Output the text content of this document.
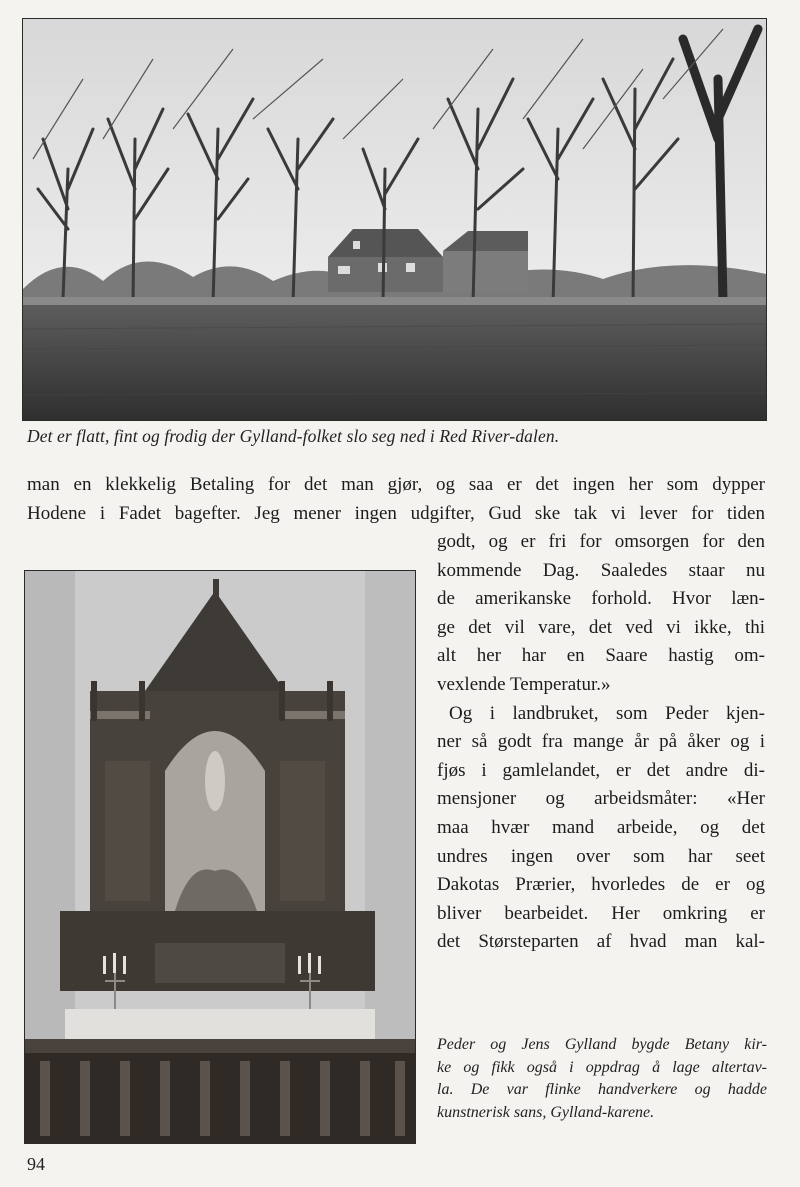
Det er flatt, fint og frodig der Gylland-folket slo seg ned i Red River-dalen.
man en klekkelig Betaling for det man gjør, og saa er det ingen her som dypper
Hodene i Fadet bagefter. Jeg mener ingen udgifter, Gud ske tak vi lever for tiden
godt, og er fri for omsorgen for den
kommende Dag. Saaledes staar nu
de amerikanske forhold. Hvor læn-
ge det vil vare, det ved vi ikke, thi
alt her har en Saare hastig om-
vexlende Temperatur.»
Og i landbruket, som Peder kjen-
ner så godt fra mange år på åker og i
fjøs i gamlelandet, er det andre di-
mensjoner og arbeidsmåter: «Her
maa hvær mand arbeide, og det
undres ingen over som har seet
Dakotas Prærier, hvorledes de er og
bliver bearbeidet. Her omkring er
det Størsteparten af hvad man kal-
Peder og Jens Gylland bygde Betany kir-
ke og fikk også i oppdrag å lage altertav-
la. De var flinke handverkere og hadde
kunstnerisk sans, Gylland-karene.
94
